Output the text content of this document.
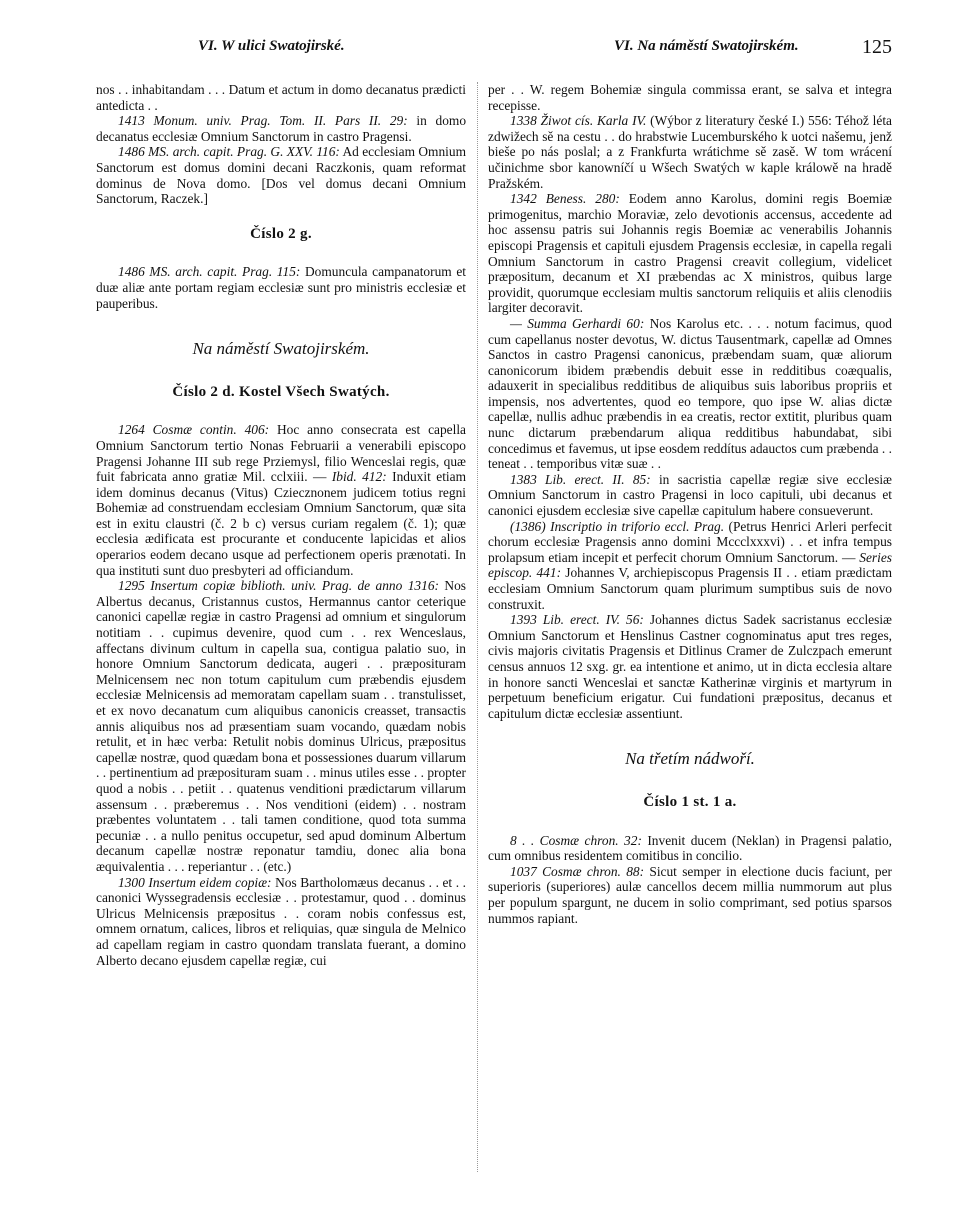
VI. W ulici Swatojirské.	VI. Na náměstí Swatojirském.	125

nos . . inhabitandam . . . Datum et actum in domo decanatus prædicti antedicta . .

1413 Monum. univ. Prag. Tom. II. Pars II. 29: in domo decanatus ecclesiæ Omnium Sanctorum in castro Pragensi.

1486 MS. arch. capit. Prag. G. XXV. 116: Ad ecclesiam Omnium Sanctorum est domus domini decani Raczkonis, quam reformat dominus de Nova domo. [Dos vel domus decani Omnium Sanctorum, Raczek.]

Číslo 2 g.

1486 MS. arch. capit. Prag. 115: Domuncula campanatorum et duæ aliæ ante portam regiam ecclesiæ sunt pro ministris ecclesiæ et pauperibus.

Na náměstí Swatojirském.
Číslo 2 d. Kostel Všech Swatých.

1264 Cosmæ contin. 406: Hoc anno consecrata est capella Omnium Sanctorum tertio Nonas Februarii a venerabili episcopo Pragensi Johanne III sub rege Przіemysl, filio Wenceslai regis, quæ fuit fabricata anno gratiæ Mil. cclxiii. — Ibid. 412: Induxit etiam idem dominus decanus (Vitus) Cziecznonem judicem totius regni Bohemiæ ad construendam ecclesiam Omnium Sanctorum, quæ sita est in exitu claustri (č. 2 b c) versus curiam regalem (č. 1); quæ ecclesia ædificata est procurante et conducente lapicidas et alios operarios eodem decano usque ad perfectionem operis prænotati. In qua instituti sunt duo presbyteri ad officiandum.

1295 Insertum copiæ biblioth. univ. Prag. de anno 1316: Nos Albertus decanus, Cristannus custos, Hermannus cantor ceterique canonici capellæ regiæ in castro Pragensi ad omnium et singulorum notitiam . . cupimus devenire, quod cum . . rex Wenceslaus, affectans divinum cultum in capella sua, contigua palatio suo, in honore Omnium Sanctorum dedicata, augeri . . præposituram Melnicensem nec non totum capitulum cum præbendis ejusdem ecclesiæ Melnicensis ad memoratam capellam suam . . transtulisset, et ex novo decanatum cum aliquibus canonicis creasset, transactis annis aliquibus nos ad præsentiam suam vocando, quædam nobis retulit, et in hæc verba: Retulit nobis dominus Ulricus, præpositus capellæ nostræ, quod quædam bona et possessiones duarum villarum . . pertinentium ad præposituram suam . . minus utiles esse . . propter quod a nobis . . petiit . . quatenus venditioni prædictarum villarum assensum . . præberemus . . Nos venditioni (eidem) . . nostram præbentes voluntatem . . tali tamen conditione, quod tota summa pecuniæ . . a nullo penitus occupetur, sed apud dominum Albertum decanum capellæ nostræ reponatur tamdiu, donec alia bona æquivalentia . . . reperiantur . . (etc.)

1300 Insertum eidem copiæ: Nos Bartholomæus decanus . . et . . canonici Wyssegradensis ecclesiæ . . protestamur, quod . . dominus Ulricus Melnicensis præpositus . . coram nobis confessus est, omnem ornatum, calices, libros et reliquias, quæ singula de Melnico ad capellam regiam in castro quondam translata fuerant, a domino Alberto decano ejusdem capellæ regiæ, cui

per . . W. regem Bohemiæ singula commissa erant, se salva et integra recepisse.

1338 Žiwot cís. Karla IV. (Wýbor z literatury české I.) 556: Téhož léta zdwižech sě na cestu . . do hrabstwie Lucemburského k uotci našemu, jenž bieše po nás poslal; a z Frankfurta wrátichme sě zasě. W tom wrácení učinichme sbor kanowníčí u Wšech Swatých w kaple králowě na hradě Pražském.

1342 Beness. 280: Eodem anno Karolus, domini regis Boemiæ primogenitus, marchio Moraviæ, zelo devotionis accensus, accedente ad hoc assensu patris sui Johannis regis Boemiæ ac venerabilis Johannis episcopi Pragensis et capituli ejusdem Pragensis ecclesiæ, in capella regali Omnium Sanctorum in castro Pragensi creavit collegium, videlicet præpositum, decanum et XI præbendas ac X ministros, quibus large providit, quorumque ecclesiam multis sanctorum reliquiis et aliis clenodiis largiter decoravit.

— Summa Gerhardi 60: Nos Karolus etc. . . . notum facimus, quod cum capellanus noster devotus, W. dictus Tausentmark, capellæ ad Omnes Sanctos in castro Pragensi canonicus, præbendam suam, quæ aliorum canonicorum ibidem præbendis debuit esse in redditibus coæqualis, adauxerit in specialibus redditibus de aliquibus suis laboribus propriis et impensis, nos advertentes, quod eo tempore, quo ipse W. alias dictæ capellæ, nullis adhuc præbendis in ea creatis, rector extitit, pluribus quam nunc dictarum præbendarum aliqua redditibus habundabat, sibi concedimus et favemus, ut ipse eosdem reddítus adauctos cum præbenda . . teneat . . temporibus vitæ suæ . .

1383 Lib. erect. II. 85: in sacristia capellæ regiæ sive ecclesiæ Omnium Sanctorum in castro Pragensi in loco capituli, ubi decanus et canonici ejusdem ecclesiæ sive capellæ capitulum habere consueverunt.

(1386) Inscriptio in triforio eccl. Prag. (Petrus Henrici Arleri perfecit chorum ecclesiæ Pragensis anno domini Mccclxxxvi) . . et infra tempus prolapsum etiam incepit et perfecit chorum Omnium Sanctorum. — Series episcop. 441: Johannes V, archiepiscopus Pragensis II . . etiam prædictam ecclesiam Omnium Sanctorum quam plurimum sumptibus suis de novo construxit.

1393 Lib. erect. IV. 56: Johannes dictus Sadek sacristanus ecclesiæ Omnium Sanctorum et Henslinus Castner cognominatus aput tres reges, civis majoris civitatis Pragensis et Ditlinus Cramer de Zulczpach emerunt census annuos 12 sxg. gr. ea intentione et animo, ut in dicta ecclesia altare in honore sancti Wenceslai et sanctæ Katherinæ virginis et martyrum in perpetuum beneficium erigatur. Cui fundationi præpositus, decanus et capitulum dictæ ecclesiæ assentiunt.

Na třetím nádwoří.
Číslo 1 st. 1 a.

8 . . Cosmæ chron. 32: Invenit ducem (Neklan) in Pragensi palatio, cum omnibus residentem comitibus in concilio.

1037 Cosmæ chron. 88: Sicut semper in electione ducis faciunt, per superioris (superiores) aulæ cancellos decem millia nummorum aut plus per populum spargunt, ne ducem in solio comprimant, sed potius sparsos nummos rapiant.
